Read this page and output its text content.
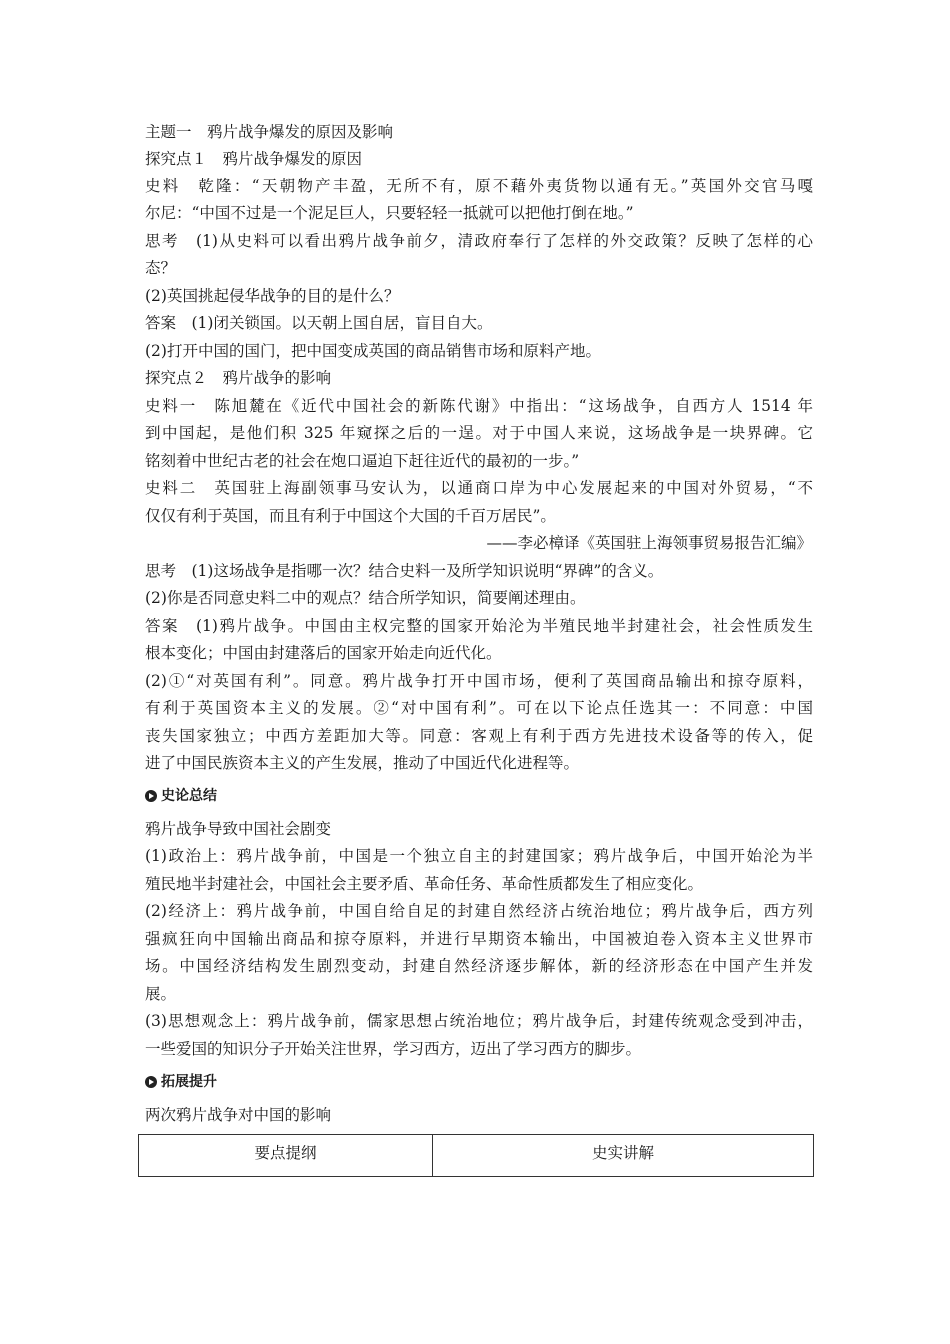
主题一　鸦片战争爆发的原因及影响
探究点１　鸦片战争爆发的原因
史料　乾隆：“天朝物产丰盈，无所不有，原不藉外夷货物以通有无。”英国外交官马嘎
尔尼：“中国不过是一个泥足巨人，只要轻轻一抵就可以把他打倒在地。”
思考　(1)从史料可以看出鸦片战争前夕，清政府奉行了怎样的外交政策？反映了怎样的心
态？
(2)英国挑起侵华战争的目的是什么？
答案　(1)闭关锁国。以天朝上国自居，盲目自大。
(2)打开中国的国门，把中国变成英国的商品销售市场和原料产地。
探究点２　鸦片战争的影响
史料一　陈旭麓在《近代中国社会的新陈代谢》中指出：“这场战争，自西方人 1514 年
到中国起，是他们积 325 年窥探之后的一逞。对于中国人来说，这场战争是一块界碑。它
铭刻着中世纪古老的社会在炮口逼迫下赶往近代的最初的一步。”
史料二　英国驻上海副领事马安认为，以通商口岸为中心发展起来的中国对外贸易，“不
仅仅有利于英国，而且有利于中国这个大国的千百万居民”。
——李必樟译《英国驻上海领事贸易报告汇编》
思考　(1)这场战争是指哪一次？结合史料一及所学知识说明“界碑”的含义。
(2)你是否同意史料二中的观点？结合所学知识，简要阐述理由。
答案　(1)鸦片战争。中国由主权完整的国家开始沦为半殖民地半封建社会，社会性质发生
根本变化；中国由封建落后的国家开始走向近代化。
(2)①“对英国有利”。同意。鸦片战争打开中国市场，便利了英国商品输出和掠夺原料，
有利于英国资本主义的发展。②“对中国有利”。可在以下论点任选其一：不同意：中国
丧失国家独立；中西方差距加大等。同意：客观上有利于西方先进技术设备等的传入，促
进了中国民族资本主义的产生发展，推动了中国近代化进程等。
史论总结
鸦片战争导致中国社会剧变
(1)政治上：鸦片战争前，中国是一个独立自主的封建国家；鸦片战争后，中国开始沦为半
殖民地半封建社会，中国社会主要矛盾、革命任务、革命性质都发生了相应变化。
(2)经济上：鸦片战争前，中国自给自足的封建自然经济占统治地位；鸦片战争后，西方列
强疯狂向中国输出商品和掠夺原料，并进行早期资本输出，中国被迫卷入资本主义世界市
场。中国经济结构发生剧烈变动，封建自然经济逐步解体，新的经济形态在中国产生并发
展。
(3)思想观念上：鸦片战争前，儒家思想占统治地位；鸦片战争后，封建传统观念受到冲击，
一些爱国的知识分子开始关注世界，学习西方，迈出了学习西方的脚步。
拓展提升
两次鸦片战争对中国的影响
要点提纲	史实讲解
